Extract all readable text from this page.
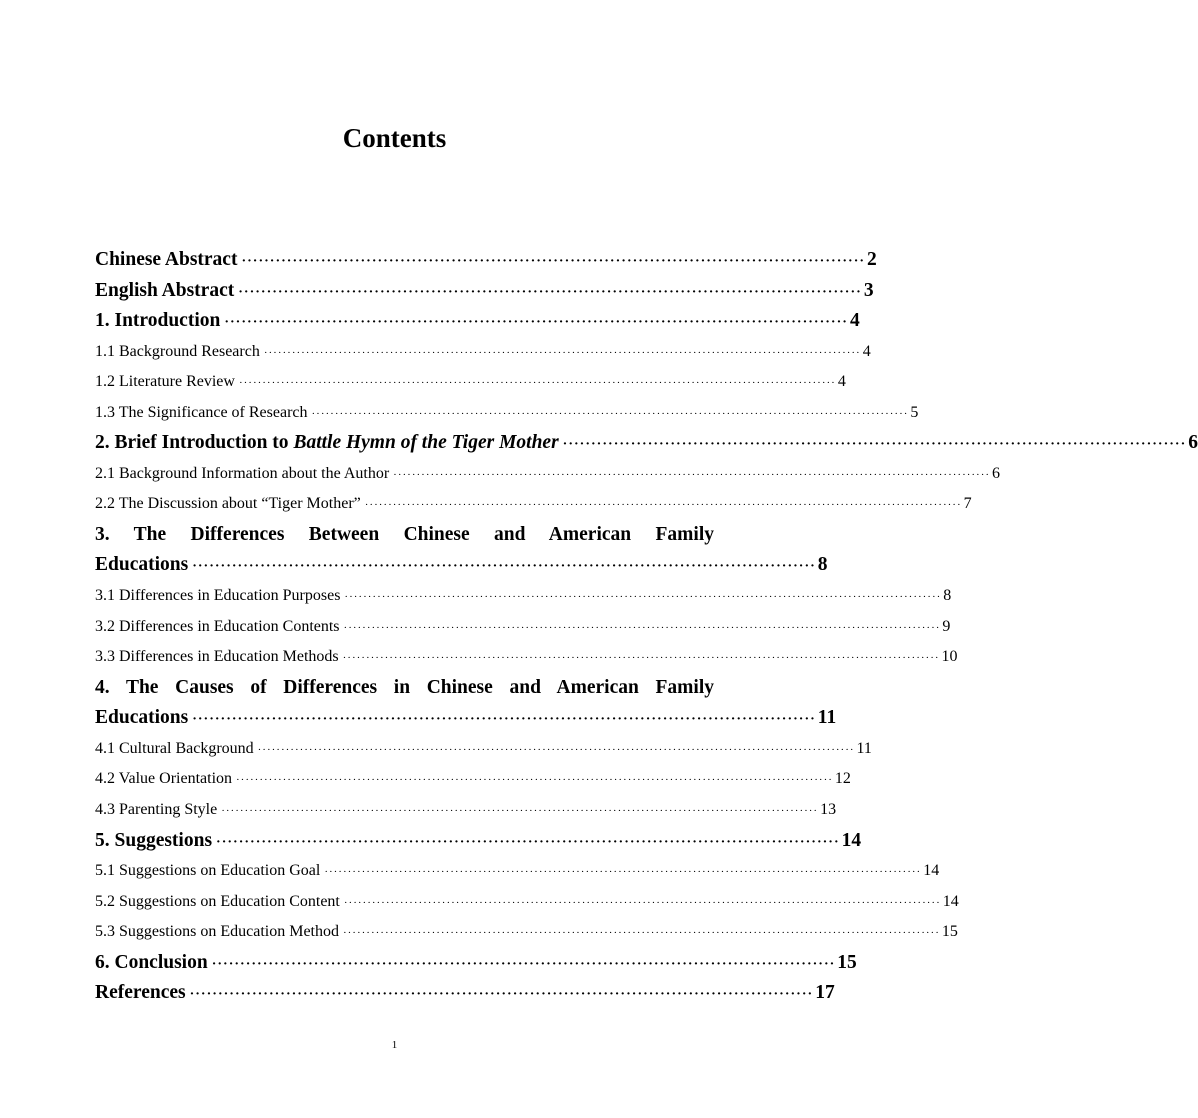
Contents
Chinese Abstract ·············································································································· 2
English Abstract ·············································································································· 3
1. Introduction ·············································································································· 4
1.1 Background Research ································································································································ 4
1.2 Literature Review ································································································································ 4
1.3 The Significance of Research ································································································································ 5
2. Brief Introduction to Battle Hymn of the Tiger Mother ·············································································································· 6
2.1 Background Information about the Author ································································································································ 6
2.2 The Discussion about “Tiger Mother” ································································································································ 7
3. The Differences Between Chinese and American Family
Educations ·············································································································· 8
3.1 Differences in Education Purposes ································································································································ 8
3.2 Differences in Education Contents ································································································································ 9
3.3 Differences in Education Methods ································································································································ 10
4. The Causes of Differences in Chinese and American Family
Educations ·············································································································· 11
4.1 Cultural Background ································································································································ 11
4.2 Value Orientation ································································································································ 12
4.3 Parenting Style ································································································································ 13
5. Suggestions ·············································································································· 14
5.1 Suggestions on Education Goal ································································································································ 14
5.2 Suggestions on Education Content ································································································································ 14
5.3 Suggestions on Education Method ································································································································ 15
6. Conclusion ·············································································································· 15
References ·············································································································· 17
1
